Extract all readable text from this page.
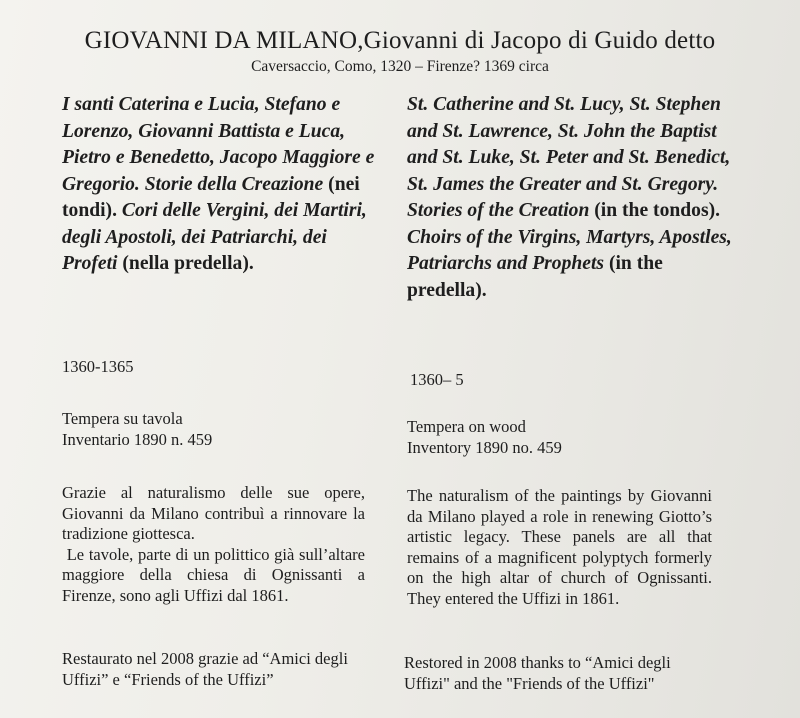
GIOVANNI DA MILANO,Giovanni di Jacopo di Guido detto
Caversaccio, Como, 1320 – Firenze? 1369 circa
I santi Caterina e Lucia, Stefano e Lorenzo, Giovanni Battista e Luca, Pietro e Benedetto, Jacopo Maggiore e Gregorio. Storie della Creazione (nei tondi). Cori delle Vergini, dei Martiri, degli Apostoli, dei Patriarchi, dei Profeti (nella predella).
1360-1365
Tempera su tavola
Inventario 1890 n. 459

Grazie al naturalismo delle sue opere, Giovanni da Milano contribuì a rinnovare la tradizione giottesca.

Le tavole, parte di un polittico già sull’altare maggiore della chiesa di Ognissanti a Firenze, sono agli Uffizi dal 1861.

Restaurato nel 2008 grazie ad “Amici degli Uffizi” e “Friends of the Uffizi”
St. Catherine and St. Lucy, St. Stephen and St. Lawrence, St. John the Baptist and St. Luke, St. Peter and St. Benedict, St. James the Greater and St. Gregory. Stories of the Creation (in the tondos). Choirs of the Virgins, Martyrs, Apostles, Patriarchs and Prophets (in the predella).
1360– 5
Tempera on wood
Inventory 1890 no. 459
The naturalism of the paintings by Giovanni da Milano played a role in renewing Giotto’s artistic legacy. These panels are all that remains of a magnificent polyptych formerly on the high altar of church of Ognissanti. They entered the Uffizi in 1861.
Restored in 2008 thanks to “Amici degli Uffizi" and the "Friends of the Uffizi"
